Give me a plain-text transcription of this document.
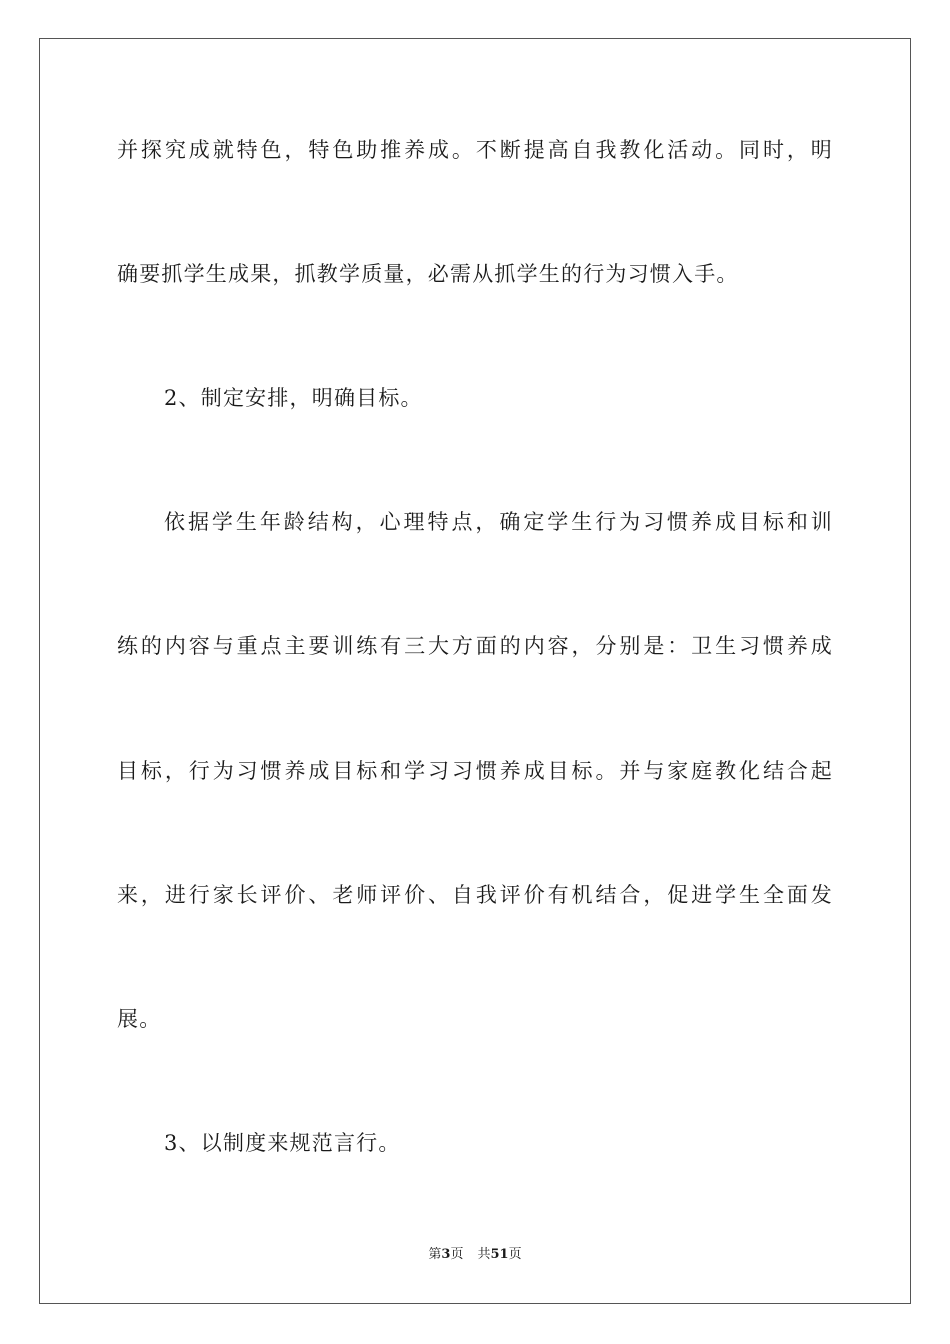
并探究成就特色，特色助推养成。不断提高自我教化活动。同时，明
确要抓学生成果，抓教学质量，必需从抓学生的行为习惯入手。
2、制定安排，明确目标。
依据学生年龄结构，心理特点，确定学生行为习惯养成目标和训
练的内容与重点主要训练有三大方面的内容，分别是：卫生习惯养成
目标，行为习惯养成目标和学习习惯养成目标。并与家庭教化结合起
来，进行家长评价、老师评价、自我评价有机结合，促进学生全面发
展。
3、以制度来规范言行。
第3页 共51页
